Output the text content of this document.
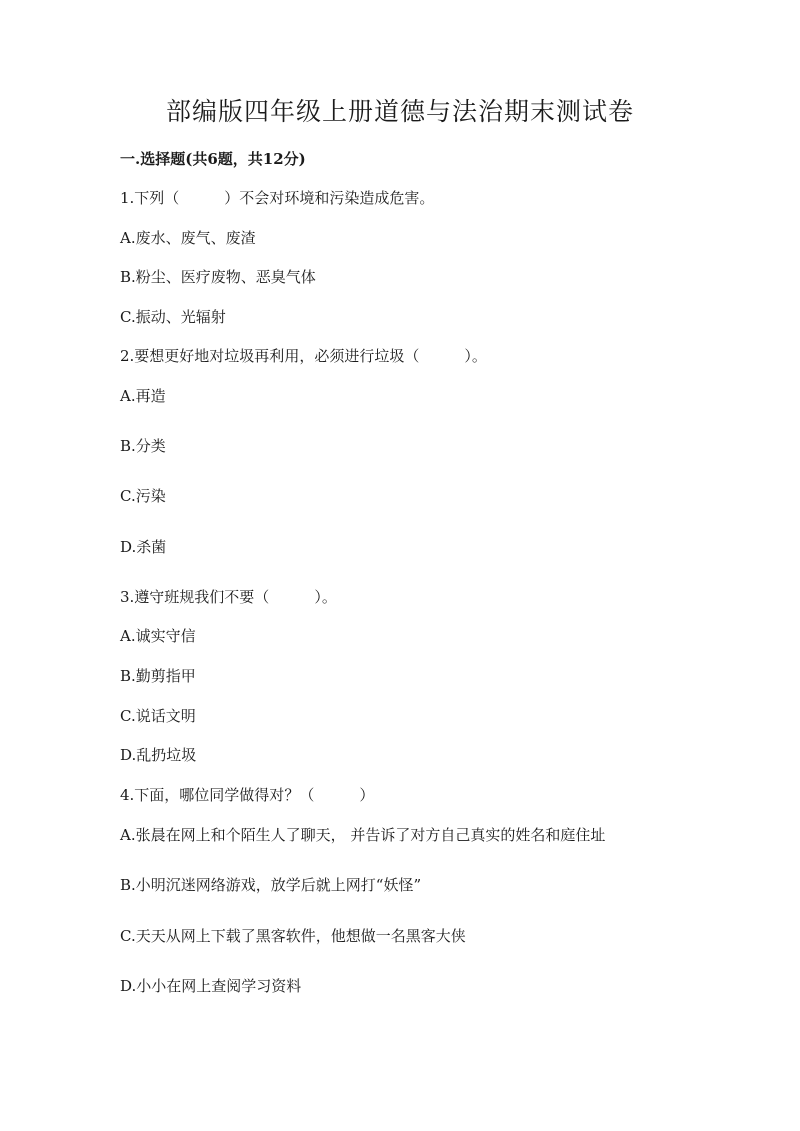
部编版四年级上册道德与法治期末测试卷
一.选择题(共6题，共12分)
1.下列（　　　）不会对环境和污染造成危害。
A.废水、废气、废渣
B.粉尘、医疗废物、恶臭气体
C.振动、光辐射
2.要想更好地对垃圾再利用，必须进行垃圾（　　　）。
A.再造
B.分类
C.污染
D.杀菌
3.遵守班规我们不要（　　　）。
A.诚实守信
B.勤剪指甲
C.说话文明
D.乱扔垃圾
4.下面，哪位同学做得对？（　　　）
A.张晨在网上和个陌生人了聊天， 并告诉了对方自己真实的姓名和庭住址
B.小明沉迷网络游戏，放学后就上网打“妖怪”
C.天天从网上下载了黑客软件，他想做一名黑客大侠
D.小小在网上查阅学习资料
